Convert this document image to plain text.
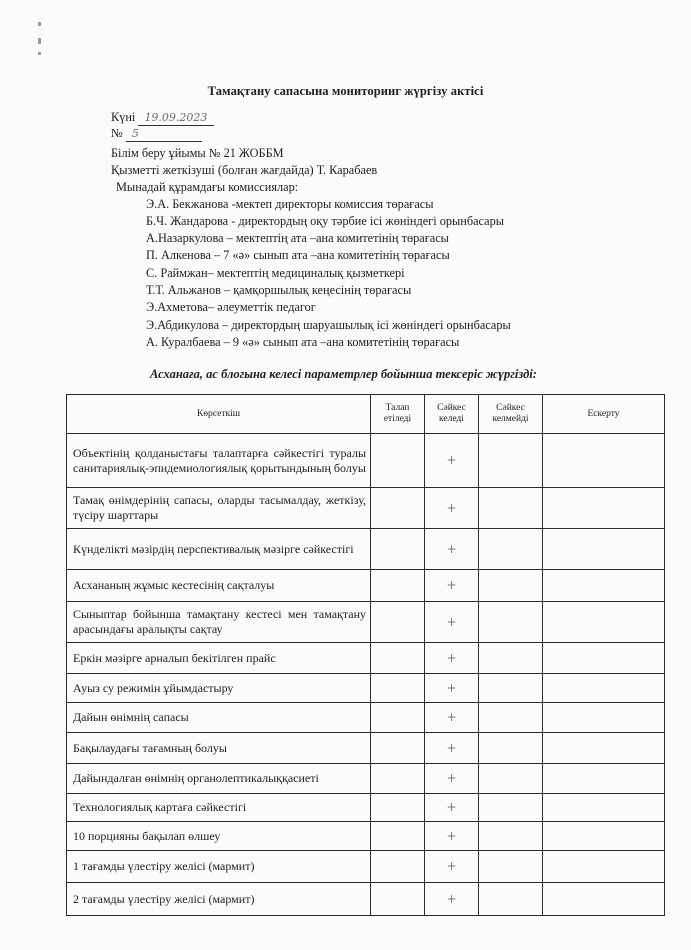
Тамақтану сапасына мониторинг жүргізу актісі
Күні 19.09.2023
№ 5
Білім беру ұйымы № 21 ЖОББМ
Қызметті жеткізуші (болған жағдайда) Т. Карабаев
Мынадай құрамдағы комиссиялар:
Э.А. Бекжанова -мектеп директоры комиссия төрағасы
Б.Ч. Жандарова - директордың оқу тәрбие ісі жөніндегі орынбасары
А.Назаркулова – мектептің ата –ана комитетінің төрағасы
П. Алкенова – 7 «ә» сынып ата –ана комитетінің төрағасы
С. Раймжан– мектептің медициналық қызметкері
Т.Т. Альжанов – қамқоршылық кеңесінің төрағасы
Э.Ахметова– әлеуметтік педагог
Э.Абдикулова – директордың шаруашылық ісі жөніндегі орынбасары
А. Куралбаева – 9 «ә» сынып ата –ана комитетінің төрағасы
Асханаға, ас блогына келесі параметрлер бойынша тексеріс жүргізді:
Көрсеткіш	Талап етіледі	Сәйкес келеді	Сәйкес келмейді	Ескерту
Объектінің қолданыстағы талаптарға сәйкестігі туралы санитариялық-эпидемиологиялық қорытындының болуы		+		
Тамақ өнімдерінің сапасы, оларды тасымалдау, жеткізу, түсіру шарттары		+		
Күнделікті мәзірдің перспективалық мәзірге сәйкестігі		+		
Асхананың жұмыс кестесінің сақталуы		+		
Сыныптар бойынша тамақтану кестесі мен тамақтану арасындағы аралықты сақтау		+		
Еркін мәзірге арналып бекітілген прайс		+		
Ауыз су режимін ұйымдастыру		+		
Дайын өнімнің сапасы		+		
Бақылаудағы тағамның болуы		+		
Дайындалған өнімнің органолептикалыққасиеті		+		
Технологиялық картаға сәйкестігі		+		
10 порцияны бақылап өлшеу		+		
1 тағамды үлестіру желісі (мармит)		+		
2 тағамды үлестіру желісі (мармит)		+		
